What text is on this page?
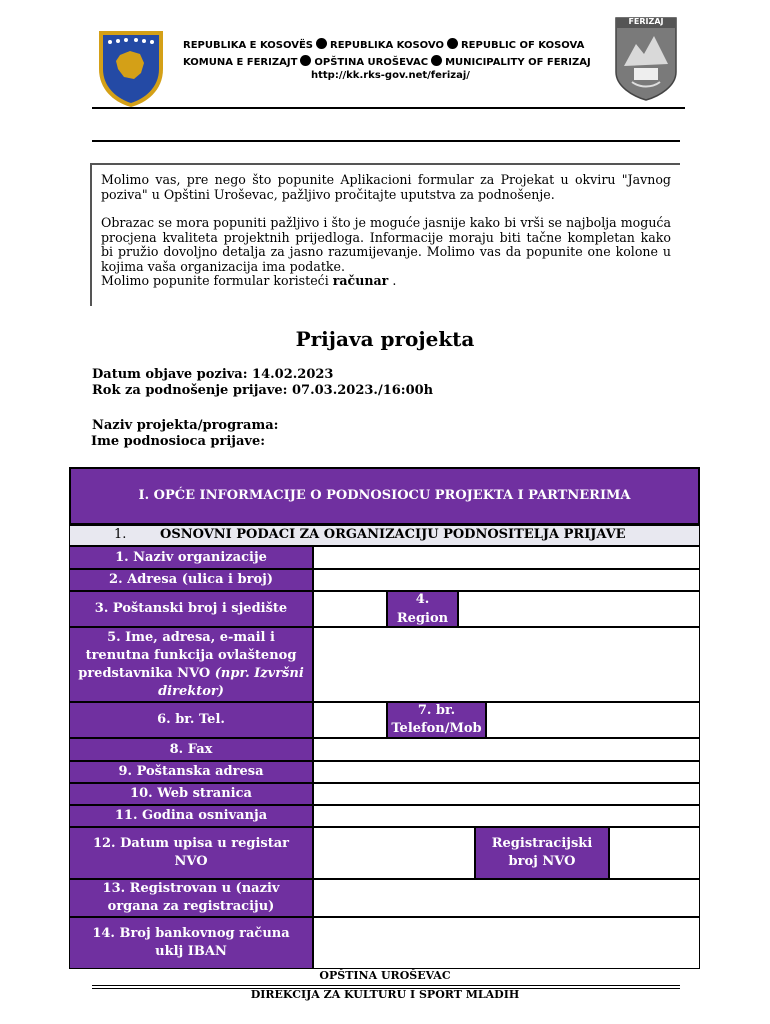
REPUBLIKA E KOSOVËS REPUBLIKA KOSOVO REPUBLIC OF KOSOVA
KOMUNA E FERIZAJT OPŠTINA UROŠEVAC MUNICIPALITY OF FERIZAJ
http://kk.rks-gov.net/ferizaj/
FERIZAJ

Molimo vas, pre nego što popunite Aplikacioni formular za Projekat u okviru "Javnog poziva" u Opštini Uroševac, pažljivo pročitajte uputstva za podnošenje.

Obrazac se mora popuniti pažljivo i što je moguće jasnije kako bi vrši se najbolja moguća procjena kvaliteta projektnih prijedloga. Informacije moraju biti tačne kompletan kako bi pružio dovoljno detalja za jasno razumijevanje. Molimo vas da popunite one kolone u kojima vaša organizacija ima podatke.

Molimo popunite formular koristeći računar .

Prijava projekta
Datum objave poziva: 14.02.2023
Rok za podnošenje prijave: 07.03.2023./16:00h
Naziv projekta/programa:
Ime podnosioca prijave:
I. OPĆE INFORMACIJE O PODNOSIOCU PROJEKTA I PARTNERIMA
1.	OSNOVNI PODACI ZA ORGANIZACIJU PODNOSITELJA PRIJAVE
1. Naziv organizacije
2. Adresa (ulica i broj)
3. Poštanski broj i sjedište
4. Region
5. Ime, adresa, e-mail i trenutna funkcija ovlaštenog predstavnika NVO (npr. Izvršni direktor)
6. br. Tel.
7. br. Telefon/Mob
8. Fax
9. Poštanska adresa
10. Web stranica
11. Godina osnivanja
12. Datum upisa u registar NVO
Registracijski broj NVO
13. Registrovan u (naziv organa za registraciju)
14. Broj bankovnog računa uklj IBAN
OPŠTINA UROŠEVAC
DIREKCIJA ZA KULTURU I SPORT MLADIH
